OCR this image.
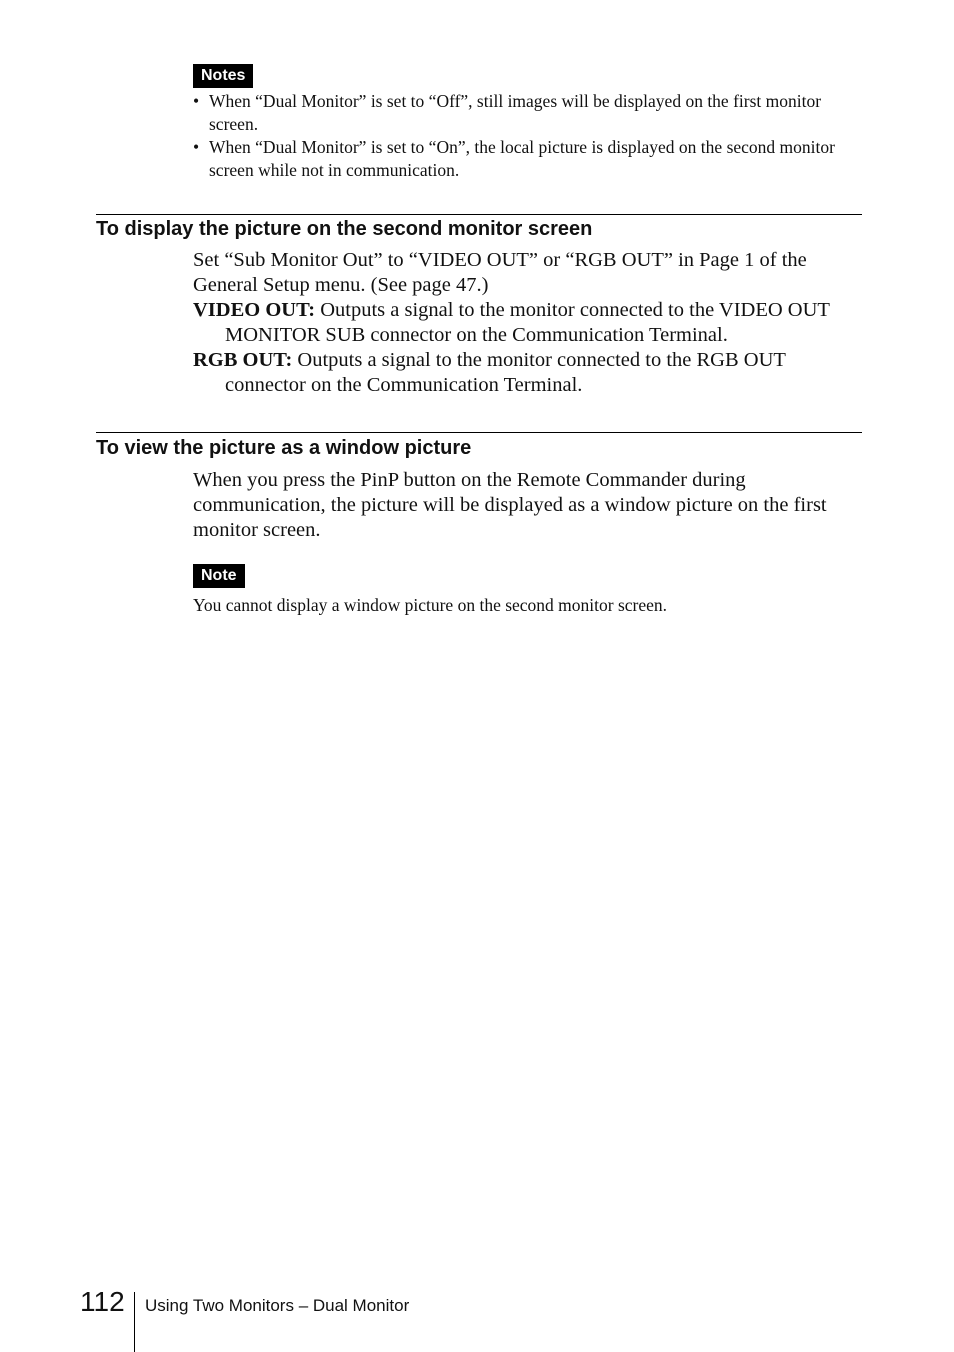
Notes
• When “Dual Monitor” is set to “Off”, still images will be displayed on the first monitor screen.
• When “Dual Monitor” is set to “On”, the local picture is displayed on the second monitor screen while not in communication.
To display the picture on the second monitor screen

Set “Sub Monitor Out” to “VIDEO OUT” or “RGB OUT” in Page 1 of the General Setup menu. (See page 47.)

VIDEO OUT: Outputs a signal to the monitor connected to the VIDEO OUT MONITOR SUB connector on the Communication Terminal.

RGB OUT: Outputs a signal to the monitor connected to the RGB OUT connector on the Communication Terminal.

To view the picture as a window picture

When you press the PinP button on the Remote Commander during communication, the picture will be displayed as a window picture on the first monitor screen.

Note

You cannot display a window picture on the second monitor screen.

112 Using Two Monitors – Dual Monitor
